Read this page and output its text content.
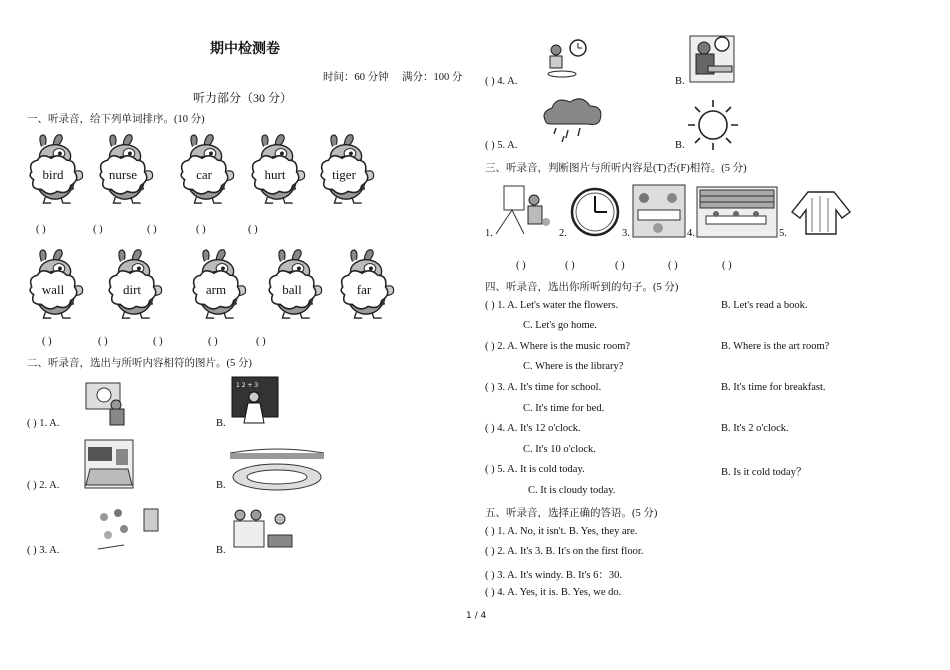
期中检测卷
时间：60 分钟 满分：100 分
听力部分（30 分）
一、听录音，给下列单词排序。(10 分)
bird	nurse	car	hurt	tiger
( )	( )	( )	( )	( )
wall	dirt	arm	ball	far
( )	( )	( )	( )	( )
二、听录音，选出与所听内容相符的图片。(5 分)
( ) 1. A.
1 2 + 3
B.
( ) 2. A.	B.
( ) 3. A.	B.
( ) 4. A.	B.
( ) 5. A.	B.
三、听录音，判断图片与所听内容是(T)否(F)相符。(5 分)
1.	2.	3.	4.	5.
( )	( )	( )	( )	( )
四、听录音，选出你所听到的句子。(5 分)
( ) 1. A. Let's water the flowers.	B. Let's read a book.
C. Let's go home.
( ) 2. A. Where is the music room?	B. Where is the art room?
C. Where is the library?
( ) 3. A. It's time for school.	B. It's time for breakfast.
C. It's time for bed.
( ) 4. A. It's 12 o'clock.	B. It's 2 o'clock.
C. It's 10 o'clock.
( ) 5. A. It is cold today.	B. Is it cold today？
C. It is cloudy today.
五、听录音，选择正确的答语。(5 分)
( ) 1. A. No, it isn't. B. Yes, they are.
( ) 2. A. It's 3. B. It's on the first floor.
( ) 3. A. It's windy. B. It's 6：30.
( ) 4. A. Yes, it is. B. Yes, we do.
1 / 4
